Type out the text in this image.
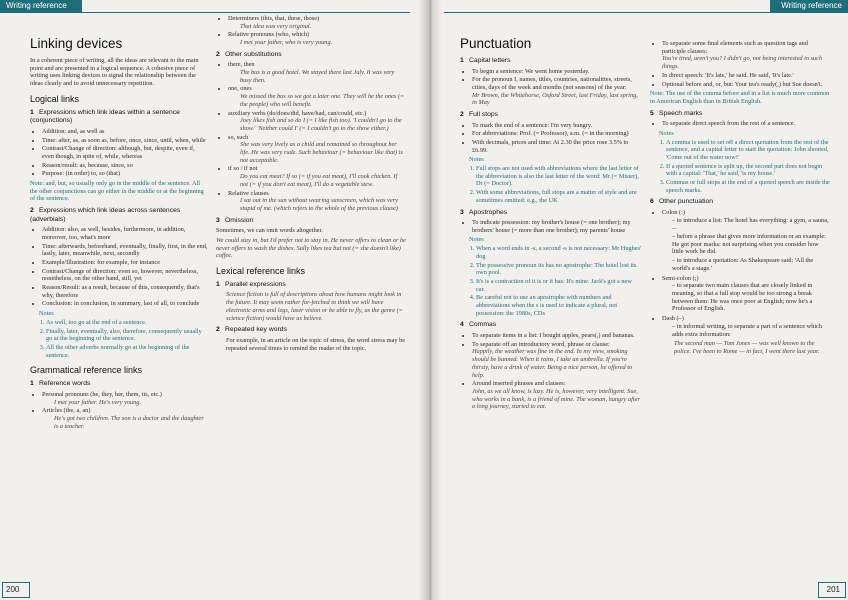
Writing reference	Writing reference
Linking devices

In a coherent piece of writing, all the ideas are relevant to the main point and are presented in a logical sequence. A cohesive piece of writing uses linking devices to signal the relationship between the ideas clearly and to avoid unnecessary repetition.

Logical links
1 Expressions which link ideas within a sentence (conjunctions)
• Addition: and, as well as
• Time: after, as, as soon as, before, once, since, until, when, while
• Contrast/Change of direction: although, but, despite, even if, even though, in spite of, while, whereas
• Reason/result: as, because, since, so
• Purpose: (in order) to, so (that)

Note: and, but, so usually only go in the middle of the sentence. All the other conjunctions can go either in the middle or at the beginning of the sentence.

2 Expressions which link ideas across sentences (adverbials)
• Addition: also, as well, besides, furthermore, in addition, moreover, too, what's more
• Time: afterwards, beforehand, eventually, finally, first, in the end, lastly, later, meanwhile, next, secondly
• Example/Illustration: for example, for instance
• Contrast/Change of direction: even so, however, nevertheless, nonetheless, on the other hand, still, yet
• Reason/Result: as a result, because of this, consequently, that's why, therefore
• Conclusion: in conclusion, in summary, last of all, to conclude
Notes
1. As well, too go at the end of a sentence.
2. Finally, later, eventually, also, therefore, consequently usually go at the beginning of the sentence.
3. All the other adverbs normally go at the beginning of the sentence.
Grammatical reference links
1 Reference words
• Personal pronouns (he, they, her, them, its, etc.)
I met your father. He's very young.
• Articles (the, a, an)
He's got two children. The son is a doctor and the daughter is a teacher.
• Determiners (this, that, these, those)
That idea was very original.
• Relative pronouns (who, which)
I met your father, who is very young.
2 Other substitutions
• there, then
The bus is a good hotel. We stayed there last July. It was very busy then.
• one, ones
We missed the bus so we got a later one. They will be the ones (= the people) who will benefit.
• auxiliary verbs (do/does/did, have/had, can/could, etc.)
Joey likes fish and so do I (= I like fish too). 'I couldn't go to the show.' 'Neither could I' (= I couldn't go to the show either.)
• so, such
She was very lively as a child and remained so throughout her life. He was very rude. Such behaviour (= behaviour like that) is not acceptable.
• if so / if not
Do you eat meat? If so (= if you eat meat), I'll cook chicken. If not (= if you don't eat meat), I'll do a vegetable stew.
• Relative clauses
I sat out in the sun without wearing sunscreen, which was very stupid of me. (which refers to the whole of the previous clause)
3 Omission

Sometimes, we can omit words altogether.

We could stay in, but I'd prefer not to stay in. He never offers to clean or he never offers to wash the dishes. Sally likes tea but not (= she doesn't like) coffee.

Lexical reference links
1 Parallel expressions

Science fiction is full of descriptions about how humans might look in the future. It may seem rather far-fetched to think we will have electronic arms and legs, laser vision or be able to fly, as the genre (= science fiction) would have us believe.

2 Repeated key words

For example, in an article on the topic of stress, the word stress may be repeated several times to remind the reader of the topic.

Punctuation
1 Capital letters
• To begin a sentence: We went home yesterday.
• For the pronoun I, names, titles, countries, nationalities, streets, cities, days of the week and months (not seasons) of the year:
Mr Brown, the Whitehorse, Oxford Street, last Friday, last spring, in May
2 Full stops
• To mark the end of a sentence: I'm very hungry.
• For abbreviations: Prof. (= Professor), a.m. (= in the morning)
• With decimals, prices and time: At 2.30 the price rose 3.5% to £6.99.
Notes
1. Full stops are not used with abbreviations where the last letter of the abbreviation is also the last letter of the word: Mr (= Mister), Dr (= Doctor).
2. With some abbreviations, full stops are a matter of style and are sometimes omitted: e.g., the UK
3 Apostrophes
• To indicate possession: my brother's house (= one brother); my brothers' house (= more than one brother); my parents' house
Notes
1. When a word ends in -s, a second -s is not necessary: Mr Hughes' dog
2. The possessive pronoun its has no apostrophe: The hotel lost its own pool.
3. It's is a contraction of it is or it has: It's mine. Jack's got a new car.
4. Be careful not to use an apostrophe with numbers and abbreviations when the s is used to indicate a plural, not possession: the 1980s, CDs
4 Commas
• To separate items in a list: I bought apples, pears(,) and bananas.
• To separate off an introductory word, phrase or clause:
Happily, the weather was fine in the end. In my view, smoking should be banned. When it rains, I take an umbrella. If you're thirsty, have a drink of water. Being a nice person, he offered to help.
• Around inserted phrases and clauses:
John, as we all know, is lazy. He is, however, very intelligent. Sue, who works in a bank, is a friend of mine. The woman, hungry after a long journey, started to eat.
• To separate some final elements such as question tags and participle clauses:
You're tired, aren't you? I didn't go, not being interested in such things.
• In direct speech: 'It's late,' he said. He said, 'It's late.'
• Optional before and, or, but: Your tea's ready(,) but Sue doesn't.

Note: The use of the comma before and in a list is much more common in American English than in British English.

5 Speech marks
• To separate direct speech from the rest of a sentence.
Notes
1. A comma is used to set off a direct quotation from the rest of the sentence, and a capital letter to start the quotation: John shouted, 'Come out of the water now!'
2. If a quoted sentence is split up, the second part does not begin with a capital: 'That,' he said, 'is my house.'
3. Commas or full stops at the end of a quoted speech are inside the speech marks.
6 Other punctuation
• Colon (:)
– to introduce a list: The hotel has everything: a gym, a sauna, ...
– before a phrase that gives more information or an example: He got poor marks: not surprising when you consider how little work he did.
– to introduce a quotation: As Shakespeare said: 'All the world's a stage.'
• Semi-colon (;)
– to separate two main clauses that are closely linked in meaning, so that a full stop would be too strong a break between them: He was once poor at English; now he's a Professor of English.
• Dash (–)
– in informal writing, to separate a part of a sentence which adds extra information:
The second man — Tom Jones — was well known to the police. I've been to Rome — in fact, I went there last year.
200	201
